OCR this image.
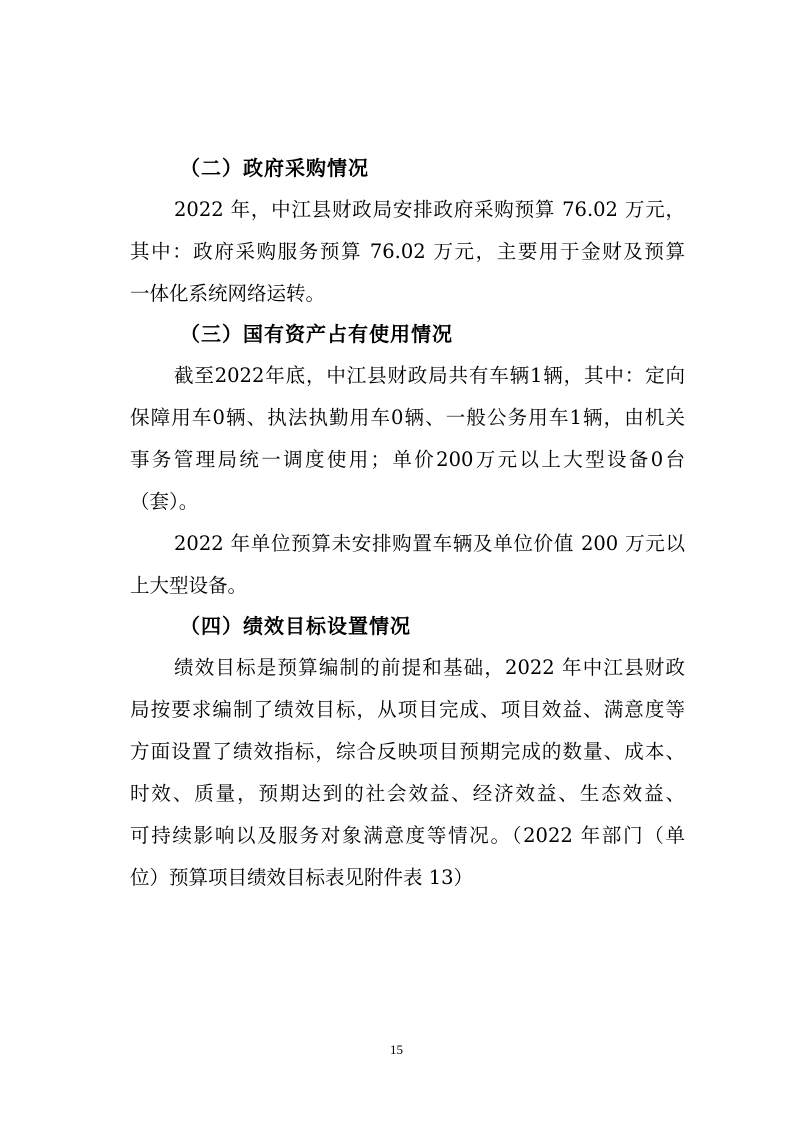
（二）政府采购情况
2022 年，中江县财政局安排政府采购预算 76.02 万元，
其中：政府采购服务预算 76.02 万元，主要用于金财及预算
一体化系统网络运转。
（三）国有资产占有使用情况
截至2022年底，中江县财政局共有车辆1辆，其中：定向
保障用车0辆、执法执勤用车0辆、一般公务用车1辆，由机关
事务管理局统一调度使用；单价200万元以上大型设备0台
（套）。
2022 年单位预算未安排购置车辆及单位价值 200 万元以
上大型设备。
（四）绩效目标设置情况
绩效目标是预算编制的前提和基础，2022 年中江县财政
局按要求编制了绩效目标，从项目完成、项目效益、满意度等
方面设置了绩效指标，综合反映项目预期完成的数量、成本、
时效、质量，预期达到的社会效益、经济效益、生态效益、
可持续影响以及服务对象满意度等情况。（2022 年部门（单
位）预算项目绩效目标表见附件表 13）
15
